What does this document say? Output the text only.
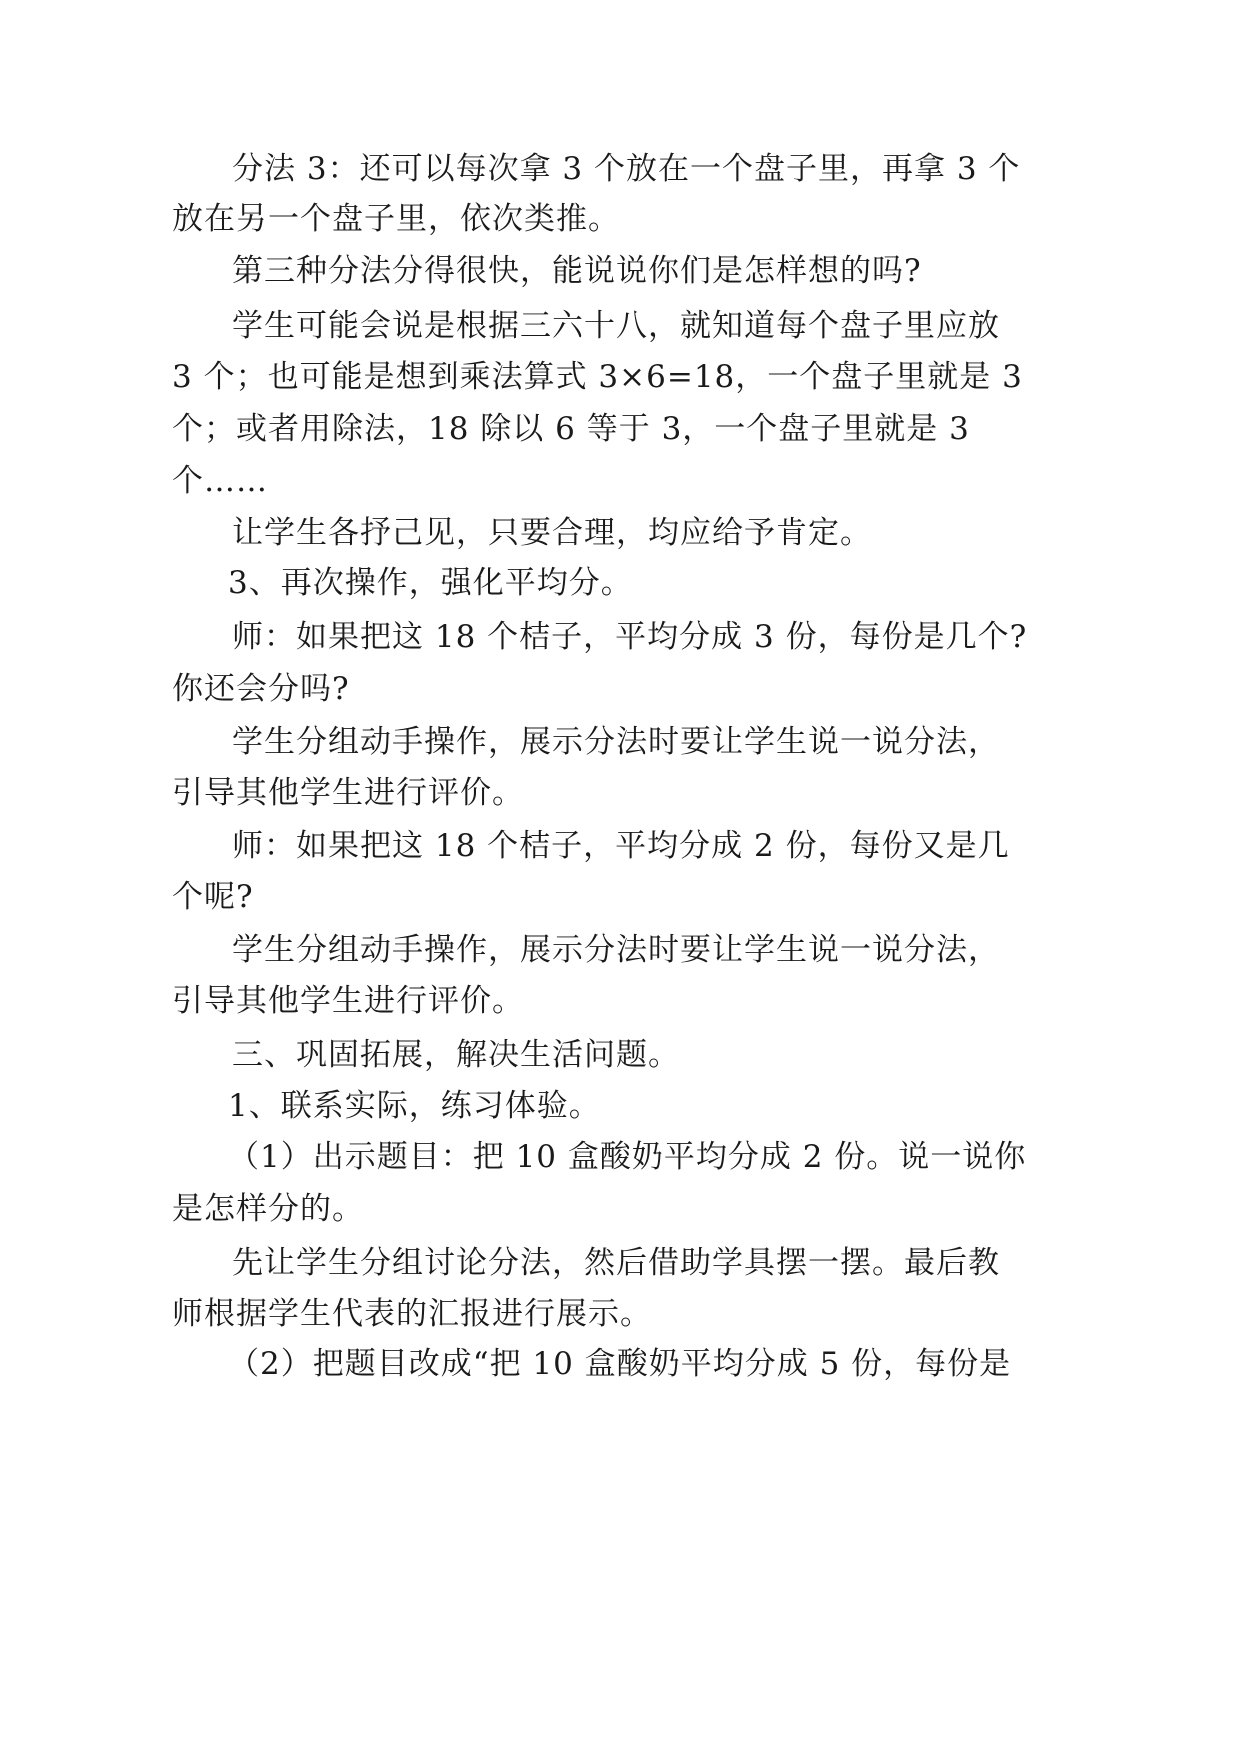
分法 3：还可以每次拿 3 个放在一个盘子里，再拿 3 个
放在另一个盘子里，依次类推。
第三种分法分得很快，能说说你们是怎样想的吗?
学生可能会说是根据三六十八，就知道每个盘子里应放
3 个；也可能是想到乘法算式 3×6=18，一个盘子里就是 3
个；或者用除法，18 除以 6 等于 3，一个盘子里就是 3
个……
让学生各抒己见，只要合理，均应给予肯定。
3、再次操作，强化平均分。
师：如果把这 18 个桔子，平均分成 3 份，每份是几个?
你还会分吗?
学生分组动手操作，展示分法时要让学生说一说分法，
引导其他学生进行评价。
师：如果把这 18 个桔子，平均分成 2 份，每份又是几
个呢?
学生分组动手操作，展示分法时要让学生说一说分法，
引导其他学生进行评价。
三、巩固拓展，解决生活问题。
1、联系实际，练习体验。
（1）出示题目：把 10 盒酸奶平均分成 2 份。说一说你
是怎样分的。
先让学生分组讨论分法，然后借助学具摆一摆。最后教
师根据学生代表的汇报进行展示。
（2）把题目改成“把 10 盒酸奶平均分成 5 份，每份是
